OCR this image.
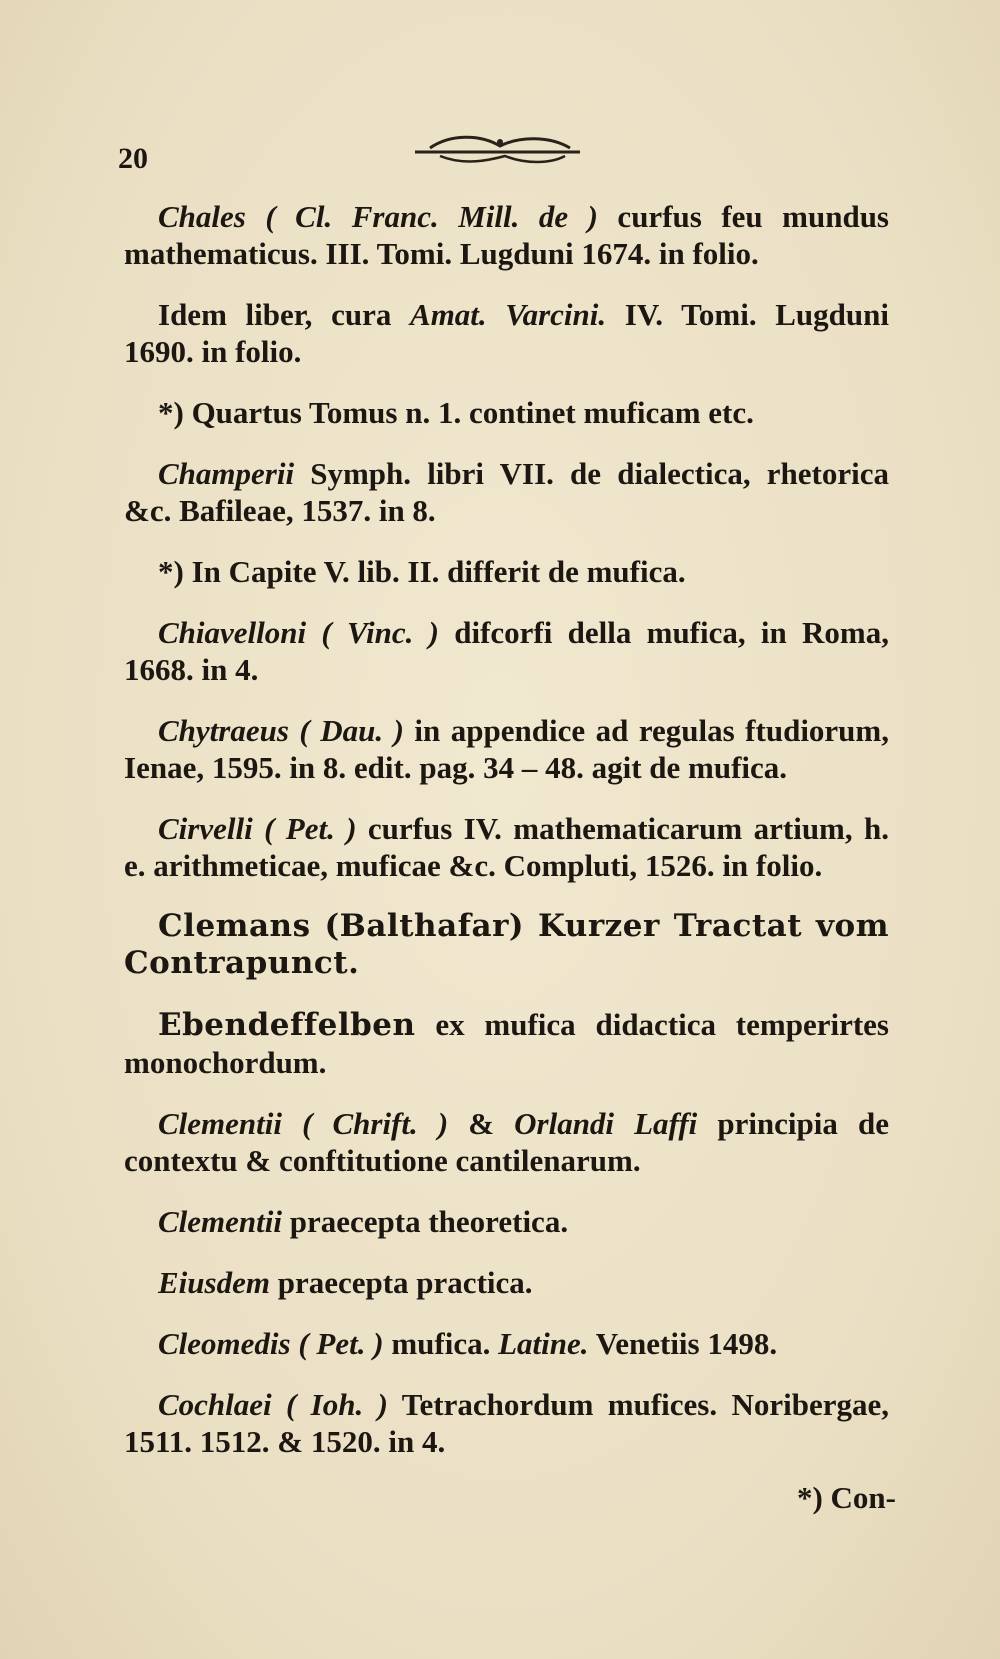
20
Chales ( Cl. Franc. Mill. de ) curfus feu mundus mathematicus. III. Tomi. Lugduni 1674. in folio.
Idem liber, cura Amat. Varcini. IV. Tomi. Lugduni 1690. in folio.
*) Quartus Tomus n. 1. continet muficam etc.
Champerii Symph. libri VII. de dialectica, rhetorica &c. Bafileae, 1537. in 8.
*) In Capite V. lib. II. differit de mufica.
Chiavelloni ( Vinc. ) difcorfi della mufica, in Roma, 1668. in 4.
Chytraeus ( Dau. ) in appendice ad regulas ftudiorum, Ienae, 1595. in 8. edit. pag. 34 – 48. agit de mufica.
Cirvelli ( Pet. ) curfus IV. mathematicarum artium, h. e. arithmeticae, muficae &c. Compluti, 1526. in folio.
Clemans (Balthafar) Kurzer Tractat vom Contrapunct.
Ebendeffelben ex mufica didactica temperirtes monochordum.
Clementii ( Chrift. ) & Orlandi Laffi principia de contextu & conftitutione cantilenarum.
Clementii praecepta theoretica.
Eiusdem praecepta practica.
Cleomedis ( Pet. ) mufica. Latine. Venetiis 1498.
Cochlaei ( Ioh. ) Tetrachordum mufices. Noribergae, 1511. 1512. & 1520. in 4.
*) Con-
